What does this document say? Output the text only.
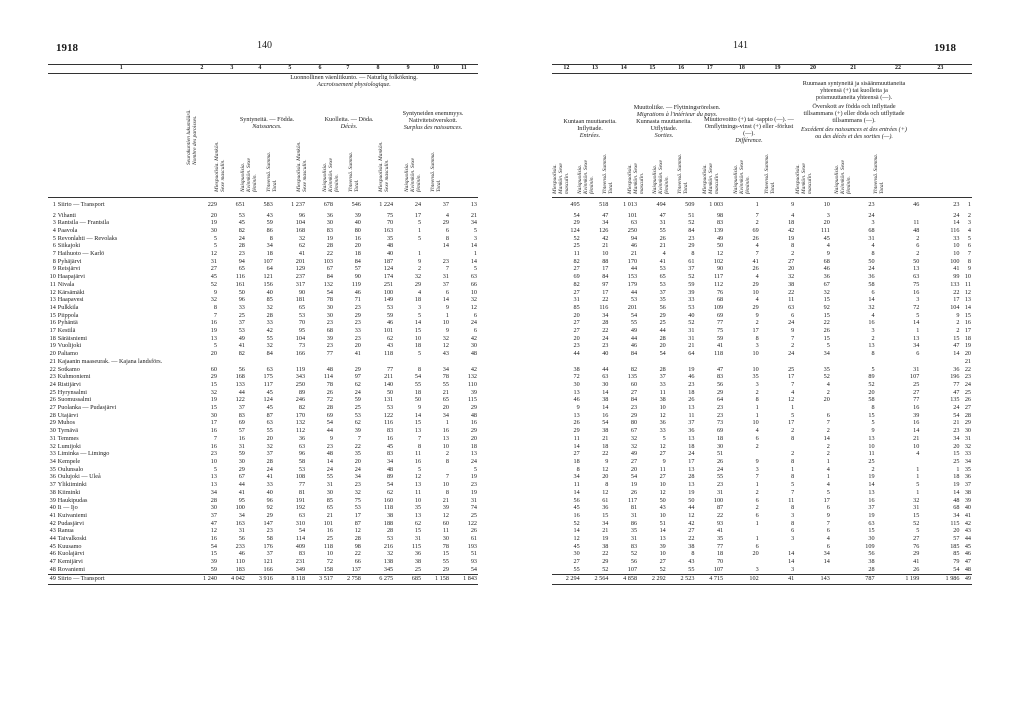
1918	140	141	1918
Luonnollinen väenliikunto. — Naturlig folkökning.
Accroissement physiologique.
Seurakuntien lukumäärä. Nombre des paroisses.	Syntyneitä. — Födda.
Naissances.
Kuolleita. — Döda.
Décès.
Syntyneiden enemmyys. Nativitetsöverskott.
Surplus des naissances.
Miespuolisia. Mankön. Sexe masculin.	Naispuolisia. Kvinnkön. Sexe féminin.	Yhteensä. Summa. Total.	Miespuolisia. Mankön. Sexe masculin.	Naispuolisia. Kvinnkön. Sexe féminin.	Yhteensä. Summa. Total.	Miespuolisia. Mankön. Sexe masculin.	Naispuolisia. Kvinnkön. Sexe féminin.	Yhteensä. Summa. Total.
	1	2	3	4	5	6	7	8	9	10	11

1	Siirto — Transport	229	651	583	1 237	678	546	1 224	24	37	13
2	Vihanti	20	53	43	96	36	39	75	17	4	21
3	Rantsila — Frantsila	19	45	59	104	30	40	70	5	29	34
4	Paavola	30	82	86	168	83	80	163	1	6	5
5	Revonlahti — Revolaks	5	24	8	32	19	16	35	5	8	3
6	Siikajoki	5	28	34	62	28	20	48		14	14
7	Haihuoto — Karlö	12	23	18	41	22	18	40	1		1
8	Pyhäjärvi	31	94	107	201	103	84	187	9	23	14
9	Reisjärvi	27	65	64	129	67	57	124	2	7	5
10	Haapajärvi	45	116	121	237	84	90	174	32	31	63
11	Nivala	52	161	156	317	132	119	251	29	37	66
12	Kärsämäki	9	50	40	90	54	46	100	4	6	10
13	Haapavesi	32	96	85	181	78	71	149	18	14	32
14	Pulkkila	8	33	32	65	30	23	53	3	9	12
15	Piippola	7	25	28	53	30	29	59	5	1	6
16	Pyhäntä	16	37	33	70	23	23	46	14	10	24
17	Kestilä	19	53	42	95	68	33	101	15	9	6
18	Säräisniemi	13	49	55	104	39	23	62	10	32	42
19	Vuolijoki	5	41	32	73	23	20	43	18	12	30
20	Paltamo	20	82	84	166	77	41	118	5	43	48
21	Kajaanin maaseurak. — Kajana landsförs.										
22	Sotkamo	60	56	63	119	48	29	77	8	34	42
23	Kuhmoniemi	29	168	175	343	114	97	211	54	78	132
24	Ristijärvi	15	133	117	250	78	62	140	55	55	110
25	Hyrynsalmi	32	44	45	89	26	24	50	18	21	39
26	Suomussalmi	19	122	124	246	72	59	131	50	65	115
27	Puolanka — Pudasjärvi	15	37	45	82	28	25	53	9	20	29
28	Utajärvi	30	83	87	170	69	53	122	14	34	48
29	Muhos	17	69	63	132	54	62	116	15	1	16
30	Tyrnävä	16	57	55	112	44	39	83	13	16	29
31	Temmes	7	16	20	36	9	7	16	7	13	20
32	Lumijoki	16	31	32	63	23	22	45	8	10	18
33	Liminka — Limingo	23	59	37	96	48	35	83	11	2	13
34	Kempele	10	30	28	58	14	20	34	16	8	24
35	Oulunsalo	5	29	24	53	24	24	48	5		5
36	Oulujoki — Uleå	13	67	41	108	55	34	89	12	7	19
37	Ylikiiminki	13	44	33	77	31	23	54	13	10	23
38	Kiiminki	34	41	40	81	30	32	62	11	8	19
39	Haukipudas	28	95	96	191	85	75	160	10	21	31
40	Ii — Ijo	30	100	92	192	65	53	118	35	39	74
41	Kuivaniemi	37	34	29	63	21	17	38	13	12	25
42	Pudasjärvi	47	163	147	310	101	87	188	62	60	122
43	Ranua	12	31	23	54	16	12	28	15	11	26
44	Taivalkoski	16	56	58	114	25	28	53	31	30	61
45	Kuusamo	54	233	176	409	118	98	216	115	78	193
46	Kuolajärvi	15	46	37	83	10	22	32	36	15	51
47	Kemijärvi	39	110	121	231	72	66	138	38	55	93
48	Rovaniemi	59	183	166	349	158	137	345	25	29	54
49	Siirto — Transport	1 240	4 042	3 916	8 118	3 517	2 758	6 275	685	1 158	1 843
Muuttoliike. — Flyttningsrörelsen.
Migrations à l'intérieur du pays.
Kuntaan muuttaneita. Inflyttade.
Entrées.
Kunnasta muuttaneita. Utflyttade.
Sorties.
Muuttovoitto (+) tai -tappio (—). — Omflyttnings-vinst (+) eller -förlust (—).
Différence.
Ruumaan syntyneitä ja sisäänmuuttaneita yhteensä (+) tai kuolleita ja poismuuttaneita yhteensä (—).
Överskott av födda och inflyttade tillsammans (+) eller döda och utflyttade tillsammans (—).
Excédent des naissances et des entrées (+) ou des décès et des sorties (—).
Miespuolisia. Mankön. Sexe masculin.	Naispuolisia. Kvinnkön. Sexe féminin.	Yhteensä. Summa. Total.	Miespuolisia. Mankön. Sexe masculin.	Naispuolisia. Kvinnkön. Sexe féminin.	Yhteensä. Summa. Total.	Miespuolisia. Mankön. Sexe masculin.	Naispuolisia. Kvinnkön. Sexe féminin.	Yhteensä. Summa. Total.	Miespuolisia. Mankön. Sexe masculin.	Naispuolisia. Kvinnkön. Sexe féminin.	Yhteensä. Summa. Total.
12	13	14	15	16	17	18	19	20	21	22	23	

495	518	1 013	494	509	1 003	1	9	10	23	46	23	1
54	47	101	47	51	98	7	4	3	24		24	2
29	34	63	31	52	83	2	18	20	3	11	14	3
124	126	250	55	84	139	69	42	111	68	48	116	4
52	42	94	26	23	49	26	19	45	31	2	33	5
25	21	46	21	29	50	4	8	4	4	6	10	6
11	10	21	4	8	12	7	2	9	8	2	10	7
82	88	170	41	61	102	41	27	68	50	50	100	8
27	17	44	53	37	90	26	20	46	24	13	41	9
69	84	153	65	52	117	4	32	36	36	63	99	10
82	97	179	53	59	112	29	38	67	58	75	133	11
27	17	44	37	39	76	10	22	32	6	16	22	12
31	22	53	35	33	68	4	11	15	14	3	17	13
85	116	201	56	53	109	29	63	92	32	72	104	14
20	34	54	29	40	69	9	6	15	4	5	9	15
27	28	55	25	52	77	2	24	22	16	14	2	16
27	22	49	44	31	75	17	9	26	3	1	2	17
20	24	44	28	31	59	8	7	15	2	13	15	18
23	23	46	20	21	41	3	2	5	13	34	47	19
44	40	84	54	64	118	10	24	34	8	6	14	20
												21
38	44	82	28	19	47	10	25	35	5	31	36	22
72	63	135	37	46	83	35	17	52	89	107	196	23
30	30	60	33	23	56	3	7	4	52	25	77	24
13	14	27	11	18	29	2	4	2	20	27	47	25
46	38	84	38	26	64	8	12	20	58	77	135	26
9	14	23	10	13	23	1	1		8	16	24	27
13	16	29	12	11	23	1	5	6	15	39	54	28
26	54	80	36	37	73	10	17	7	5	16	21	29
29	38	67	33	36	69	4	2	2	9	14	23	30
11	21	32	5	13	18	6	8	14	13	21	34	31
14	18	32	12	18	30	2		2	10	10	20	32
27	22	49	27	24	51		2	2	11	4	15	33
18	9	27	9	17	26	9	8	1	25		25	34
8	12	20	11	13	24	3	1	4	2	1	1	35
34	20	54	27	28	55	7	8	1	19	1	18	36
11	8	19	10	13	23	1	5	4	14	5	19	37
14	12	26	12	19	31	2	7	5	13	1	14	38
56	61	117	50	50	100	6	11	17	16	32	48	39
45	36	81	43	44	87	2	8	6	37	31	68	40
16	15	31	10	12	22	6	3	9	19	15	34	41
52	34	86	51	42	93	1	8	7	63	52	115	42
14	21	35	14	27	41		6	6	15	5	20	43
12	19	31	13	22	35	1	3	4	30	27	57	44
45	38	83	39	38	77	6		6	109	76	185	45
30	22	52	10	8	18	20	14	34	56	29	85	46
27	29	56	27	43	70		14	14	38	41	79	47
55	52	107	52	55	107	3	3		28	26	54	48
2 294	2 564	4 858	2 292	2 523	4 715	102	41	143	787	1 199	1 986	49
